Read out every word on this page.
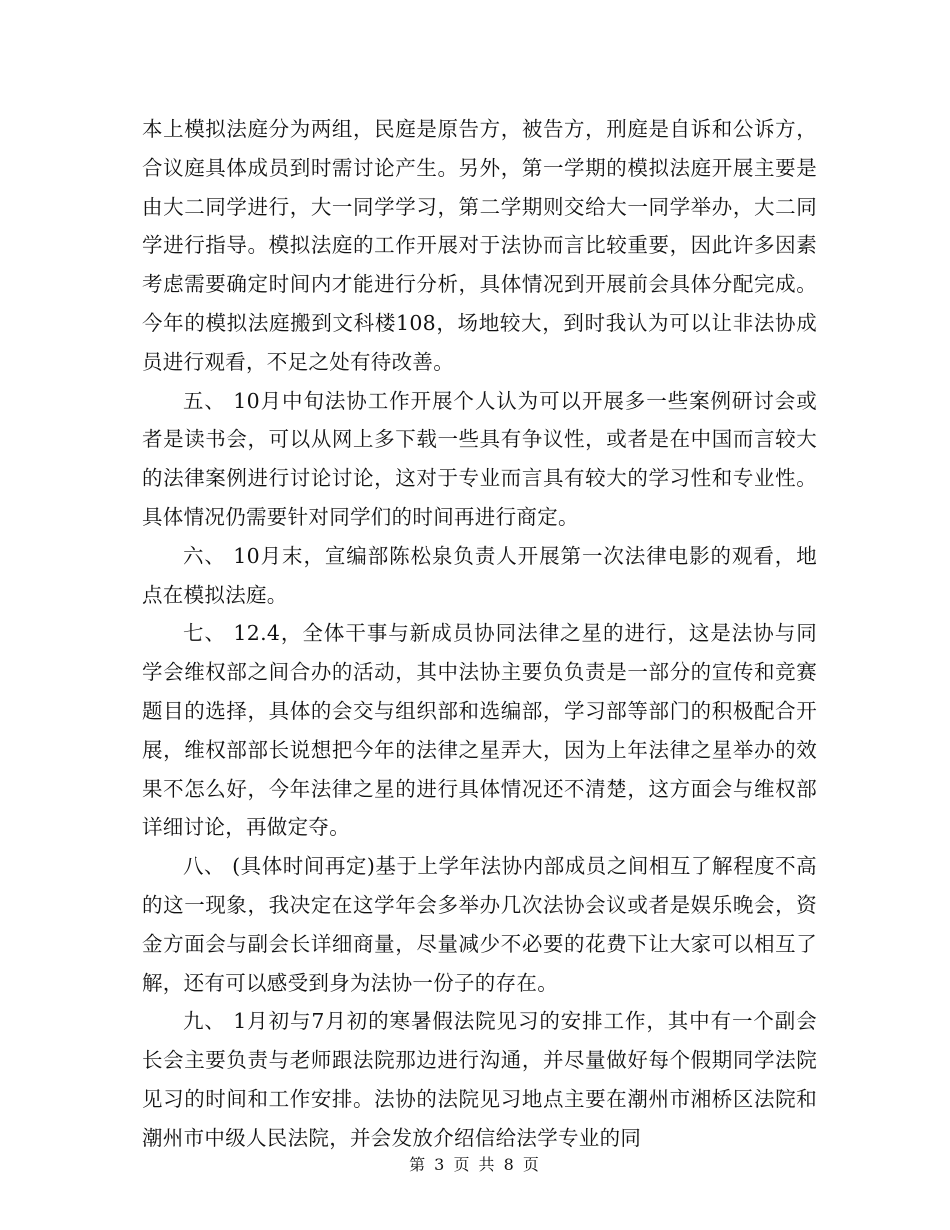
本上模拟法庭分为两组，民庭是原告方，被告方，刑庭是自诉和公诉方，合议庭具体成员到时需讨论产生。另外，第一学期的模拟法庭开展主要是由大二同学进行，大一同学学习，第二学期则交给大一同学举办，大二同学进行指导。模拟法庭的工作开展对于法协而言比较重要，因此许多因素考虑需要确定时间内才能进行分析，具体情况到开展前会具体分配完成。今年的模拟法庭搬到文科楼108，场地较大，到时我认为可以让非法协成员进行观看，不足之处有待改善。

五、 10月中旬法协工作开展个人认为可以开展多一些案例研讨会或者是读书会，可以从网上多下载一些具有争议性，或者是在中国而言较大的法律案例进行讨论讨论，这对于专业而言具有较大的学习性和专业性。具体情况仍需要针对同学们的时间再进行商定。

六、 10月末，宣编部陈松泉负责人开展第一次法律电影的观看，地点在模拟法庭。

七、 12.4，全体干事与新成员协同法律之星的进行，这是法协与同学会维权部之间合办的活动，其中法协主要负负责是一部分的宣传和竞赛题目的选择，具体的会交与组织部和选编部，学习部等部门的积极配合开展，维权部部长说想把今年的法律之星弄大，因为上年法律之星举办的效果不怎么好，今年法律之星的进行具体情况还不清楚，这方面会与维权部详细讨论，再做定夺。

八、 (具体时间再定)基于上学年法协内部成员之间相互了解程度不高的这一现象，我决定在这学年会多举办几次法协会议或者是娱乐晚会，资金方面会与副会长详细商量，尽量减少不必要的花费下让大家可以相互了解，还有可以感受到身为法协一份子的存在。

九、 1月初与7月初的寒暑假法院见习的安排工作，其中有一个副会长会主要负责与老师跟法院那边进行沟通，并尽量做好每个假期同学法院见习的时间和工作安排。法协的法院见习地点主要在潮州市湘桥区法院和潮州市中级人民法院，并会发放介绍信给法学专业的同

第 3 页 共 8 页
